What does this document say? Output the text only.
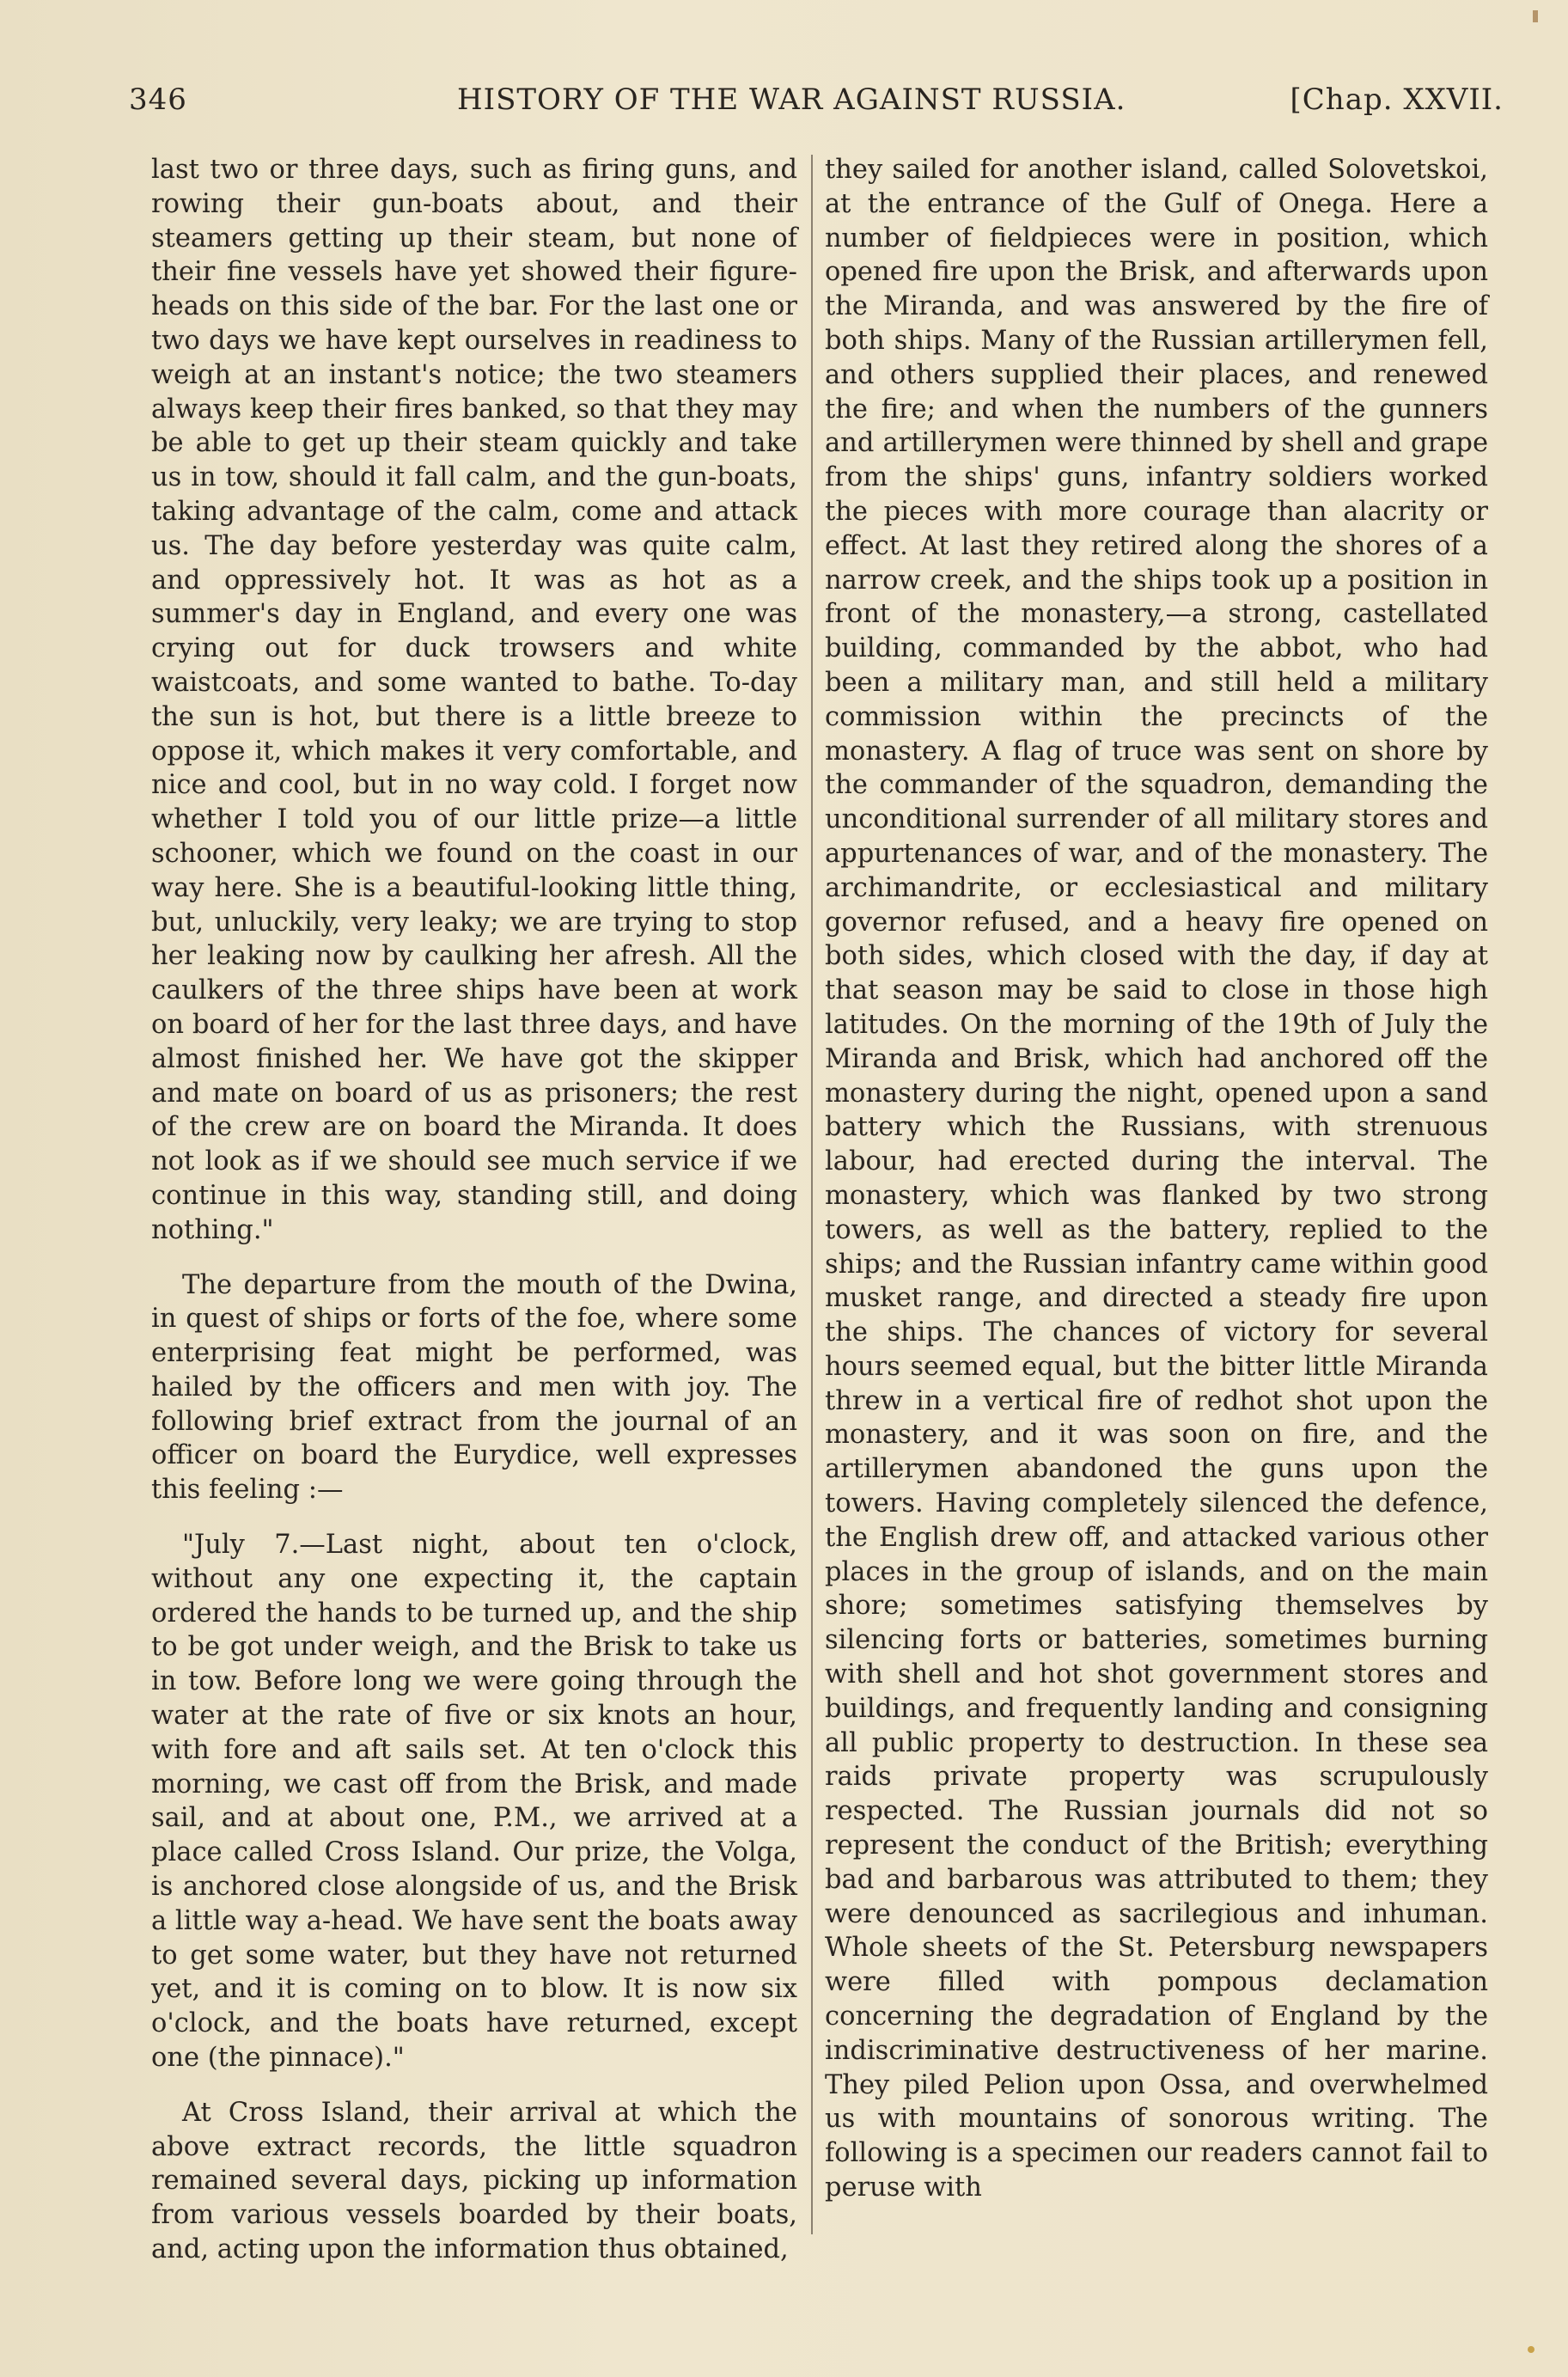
346	HISTORY OF THE WAR AGAINST RUSSIA.	[Chap. XXVII.

last two or three days, such as firing guns, and rowing their gun-boats about, and their steamers getting up their steam, but none of their fine vessels have yet showed their figure-heads on this side of the bar. For the last one or two days we have kept ourselves in readiness to weigh at an instant's notice; the two steamers always keep their fires banked, so that they may be able to get up their steam quickly and take us in tow, should it fall calm, and the gun-boats, taking advantage of the calm, come and attack us. The day before yesterday was quite calm, and oppressively hot. It was as hot as a summer's day in England, and every one was crying out for duck trowsers and white waistcoats, and some wanted to bathe. To-day the sun is hot, but there is a little breeze to oppose it, which makes it very comfortable, and nice and cool, but in no way cold. I forget now whether I told you of our little prize—a little schooner, which we found on the coast in our way here. She is a beautiful-looking little thing, but, unluckily, very leaky; we are trying to stop her leaking now by caulking her afresh. All the caulkers of the three ships have been at work on board of her for the last three days, and have almost finished her. We have got the skipper and mate on board of us as prisoners; the rest of the crew are on board the Miranda. It does not look as if we should see much service if we continue in this way, standing still, and doing nothing."

The departure from the mouth of the Dwina, in quest of ships or forts of the foe, where some enterprising feat might be performed, was hailed by the officers and men with joy. The following brief extract from the journal of an officer on board the Eurydice, well expresses this feeling :—

"July 7.—Last night, about ten o'clock, without any one expecting it, the captain ordered the hands to be turned up, and the ship to be got under weigh, and the Brisk to take us in tow. Before long we were going through the water at the rate of five or six knots an hour, with fore and aft sails set. At ten o'clock this morning, we cast off from the Brisk, and made sail, and at about one, P.M., we arrived at a place called Cross Island. Our prize, the Volga, is anchored close alongside of us, and the Brisk a little way a-head. We have sent the boats away to get some water, but they have not returned yet, and it is coming on to blow. It is now six o'clock, and the boats have returned, except one (the pinnace)."

At Cross Island, their arrival at which the above extract records, the little squadron remained several days, picking up information from various vessels boarded by their boats, and, acting upon the information thus obtained,

they sailed for another island, called Solovetskoi, at the entrance of the Gulf of Onega. Here a number of fieldpieces were in position, which opened fire upon the Brisk, and afterwards upon the Miranda, and was answered by the fire of both ships. Many of the Russian artillerymen fell, and others supplied their places, and renewed the fire; and when the numbers of the gunners and artillerymen were thinned by shell and grape from the ships' guns, infantry soldiers worked the pieces with more courage than alacrity or effect. At last they retired along the shores of a narrow creek, and the ships took up a position in front of the monastery,—a strong, castellated building, commanded by the abbot, who had been a military man, and still held a military commission within the precincts of the monastery. A flag of truce was sent on shore by the commander of the squadron, demanding the unconditional surrender of all military stores and appurtenances of war, and of the monastery. The archimandrite, or ecclesiastical and military governor refused, and a heavy fire opened on both sides, which closed with the day, if day at that season may be said to close in those high latitudes. On the morning of the 19th of July the Miranda and Brisk, which had anchored off the monastery during the night, opened upon a sand battery which the Russians, with strenuous labour, had erected during the interval. The monastery, which was flanked by two strong towers, as well as the battery, replied to the ships; and the Russian infantry came within good musket range, and directed a steady fire upon the ships. The chances of victory for several hours seemed equal, but the bitter little Miranda threw in a vertical fire of redhot shot upon the monastery, and it was soon on fire, and the artillerymen abandoned the guns upon the towers. Having completely silenced the defence, the English drew off, and attacked various other places in the group of islands, and on the main shore; sometimes satisfying themselves by silencing forts or batteries, sometimes burning with shell and hot shot government stores and buildings, and frequently landing and consigning all public property to destruction. In these sea raids private property was scrupulously respected. The Russian journals did not so represent the conduct of the British; everything bad and barbarous was attributed to them; they were denounced as sacrilegious and inhuman. Whole sheets of the St. Petersburg newspapers were filled with pompous declamation concerning the degradation of England by the indiscriminative destructiveness of her marine. They piled Pelion upon Ossa, and overwhelmed us with mountains of sonorous writing. The following is a specimen our readers cannot fail to peruse with
